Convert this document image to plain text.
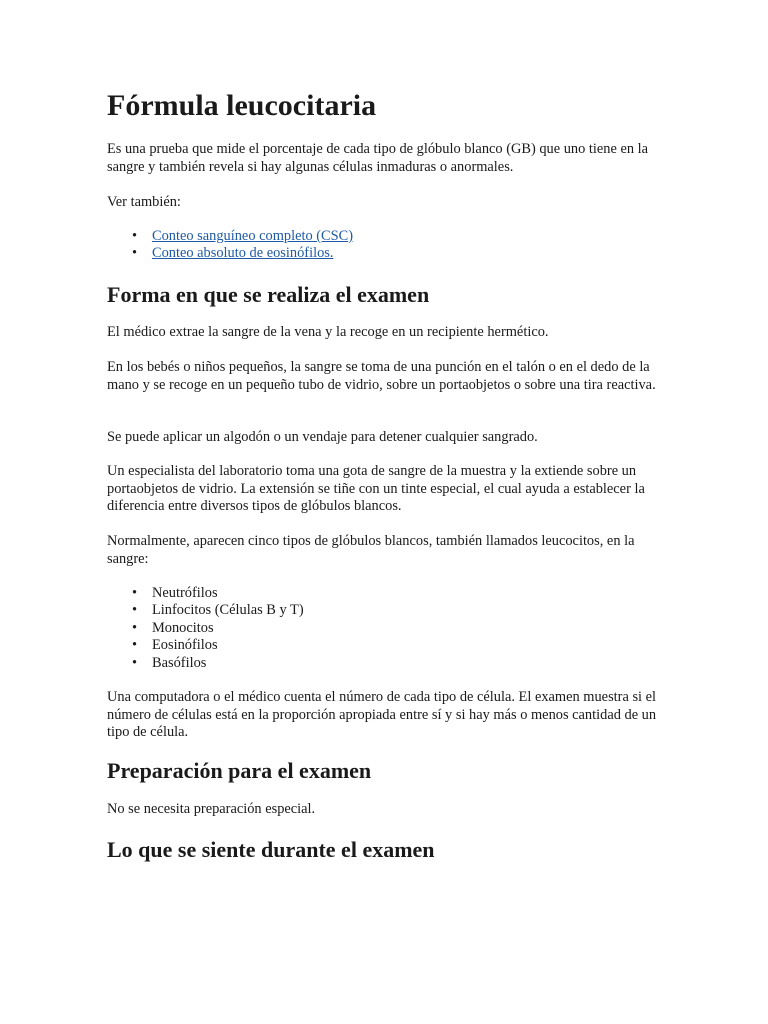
Fórmula leucocitaria

Es una prueba que mide el porcentaje de cada tipo de glóbulo blanco (GB) que uno tiene en la sangre y también revela si hay algunas células inmaduras o anormales.

Ver también:

• Conteo sanguíneo completo (CSC)
• Conteo absoluto de eosinófilos.
Forma en que se realiza el examen

El médico extrae la sangre de la vena y la recoge en un recipiente hermético.

En los bebés o niños pequeños, la sangre se toma de una punción en el talón o en el dedo de la mano y se recoge en un pequeño tubo de vidrio, sobre un portaobjetos o sobre una tira reactiva.

Se puede aplicar un algodón o un vendaje para detener cualquier sangrado.

Un especialista del laboratorio toma una gota de sangre de la muestra y la extiende sobre un portaobjetos de vidrio. La extensión se tiñe con un tinte especial, el cual ayuda a establecer la diferencia entre diversos tipos de glóbulos blancos.

Normalmente, aparecen cinco tipos de glóbulos blancos, también llamados leucocitos, en la sangre:

• Neutrófilos
• Linfocitos (Células B y T)
• Monocitos
• Eosinófilos
• Basófilos

Una computadora o el médico cuenta el número de cada tipo de célula. El examen muestra si el número de células está en la proporción apropiada entre sí y si hay más o menos cantidad de un tipo de célula.

Preparación para el examen

No se necesita preparación especial.

Lo que se siente durante el examen
